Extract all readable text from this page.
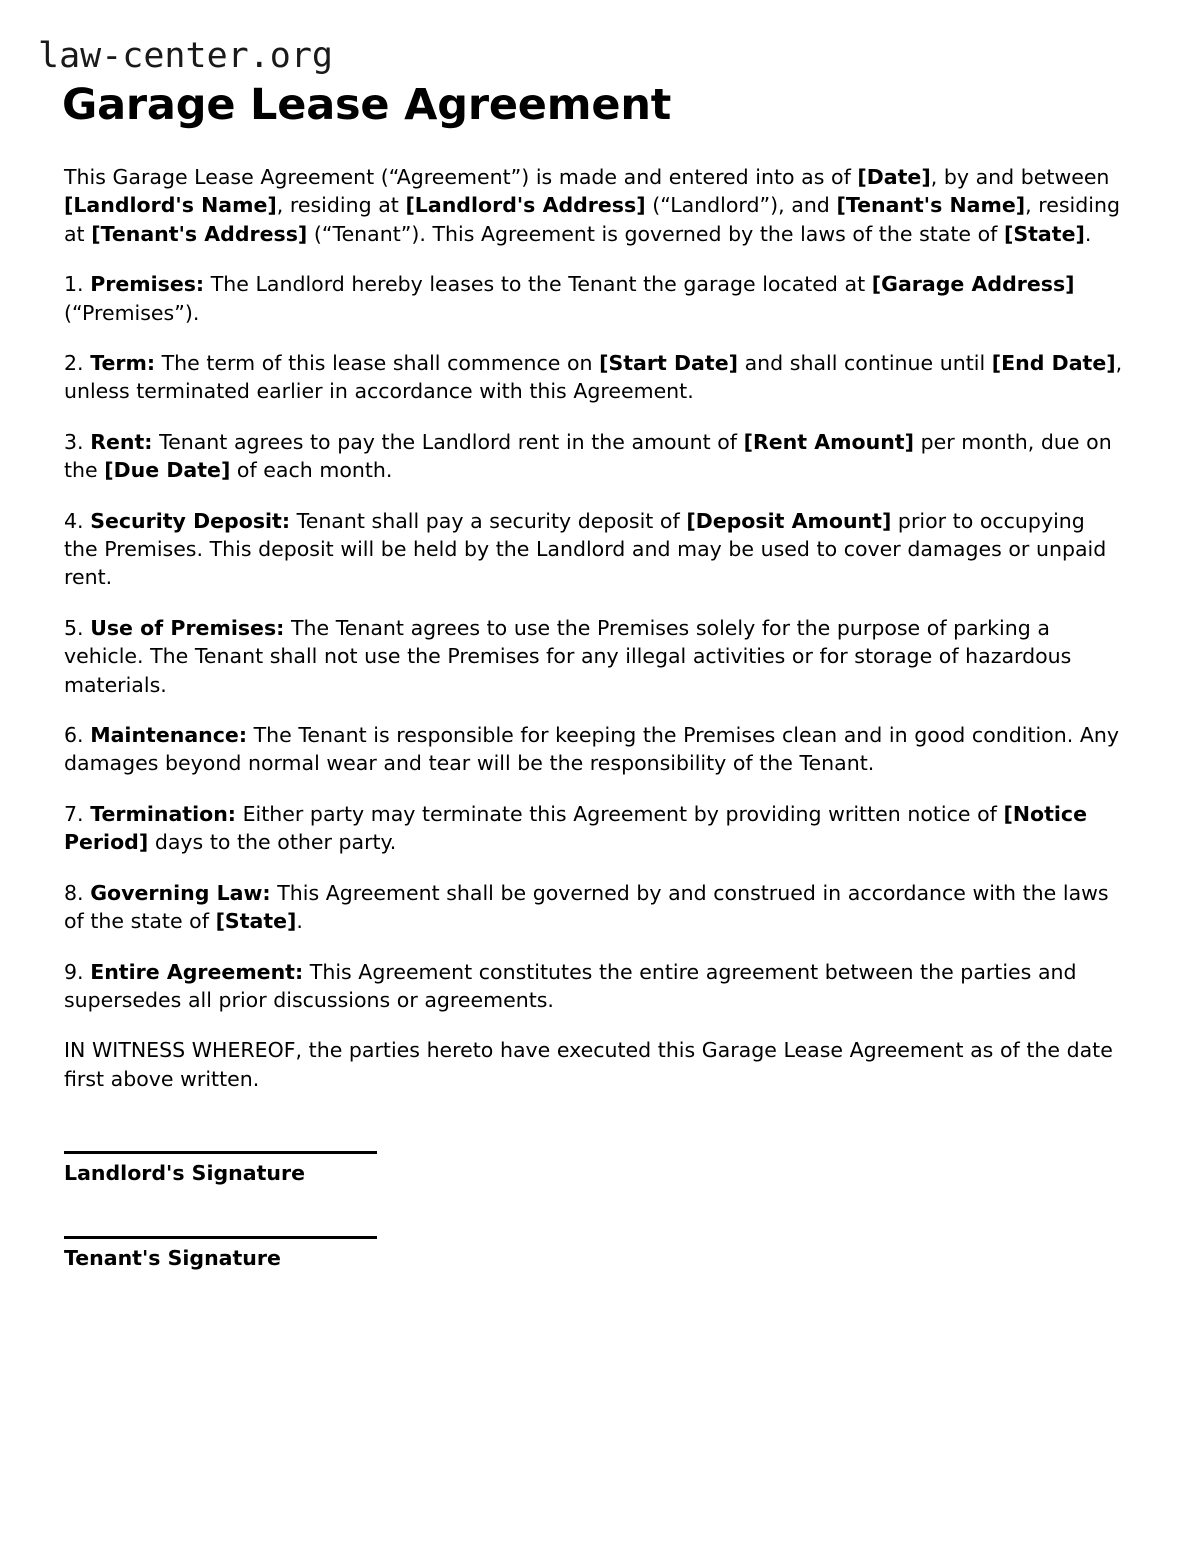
law-center.org
Garage Lease Agreement

This Garage Lease Agreement (“Agreement”) is made and entered into as of [Date], by and between [Landlord's Name], residing at [Landlord's Address] (“Landlord”), and [Tenant's Name], residing at [Tenant's Address] (“Tenant”). This Agreement is governed by the laws of the state of [State].

1. Premises: The Landlord hereby leases to the Tenant the garage located at [Garage Address] (“Premises”).

2. Term: The term of this lease shall commence on [Start Date] and shall continue until [End Date], unless terminated earlier in accordance with this Agreement.

3. Rent: Tenant agrees to pay the Landlord rent in the amount of [Rent Amount] per month, due on the [Due Date] of each month.

4. Security Deposit: Tenant shall pay a security deposit of [Deposit Amount] prior to occupying the Premises. This deposit will be held by the Landlord and may be used to cover damages or unpaid rent.

5. Use of Premises: The Tenant agrees to use the Premises solely for the purpose of parking a vehicle. The Tenant shall not use the Premises for any illegal activities or for storage of hazardous materials.

6. Maintenance: The Tenant is responsible for keeping the Premises clean and in good condition. Any damages beyond normal wear and tear will be the responsibility of the Tenant.

7. Termination: Either party may terminate this Agreement by providing written notice of [Notice Period] days to the other party.

8. Governing Law: This Agreement shall be governed by and construed in accordance with the laws of the state of [State].

9. Entire Agreement: This Agreement constitutes the entire agreement between the parties and supersedes all prior discussions or agreements.

IN WITNESS WHEREOF, the parties hereto have executed this Garage Lease Agreement as of the date first above written.

Landlord's Signature
Tenant's Signature
